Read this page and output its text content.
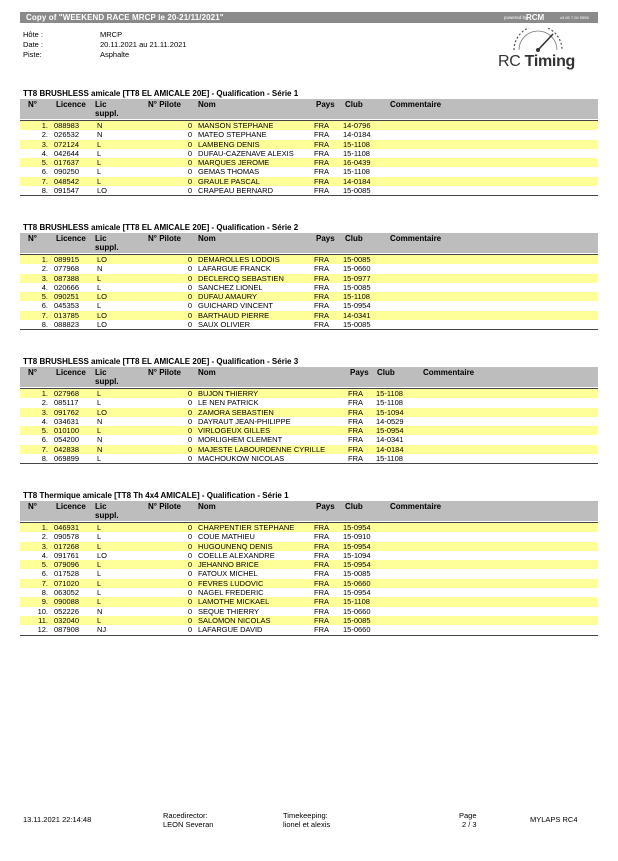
Copy of "WEEKEND RACE MRCP le 20-21/11/2021"	powered by
RCM	v3.63 7.00 5555
Hôte :	MRCP
Date :	20.11.2021 au 21.11.2021
Piste:	Asphalte	RC Timing
TT8 BRUSHLESS amicale [TT8 EL AMICALE 20E] - Qualification - Série 1
N° Licence Lic
suppl.
N° Pilote Nom	Pays Club	Commentaire
1. 088983 N	0 MANSON STEPHANE	FRA 14-0796
2. 026532 N	0 MATEO STEPHANE	FRA 14-0184
3. 072124 L	0 LAMBENG DENIS	FRA 15-1108
4. 042644 L	0 DUFAU-CAZENAVE ALEXIS	FRA 15-1108
5. 017637 L	0 MARQUES JEROME	FRA 16-0439
6. 090250 L	0 GEMAS THOMAS	FRA 15-1108
7. 048542 L	0 GRAULE PASCAL	FRA 14-0184
8. 091547 LO	0 CRAPEAU BERNARD	FRA 15-0085
TT8 BRUSHLESS amicale [TT8 EL AMICALE 20E] - Qualification - Série 2
N° Licence Lic
suppl.
N° Pilote Nom	Pays Club	Commentaire
1. 089915 LO	0 DEMAROLLES LODOIS	FRA 15-0085
2. 077968 N	0 LAFARGUE FRANCK	FRA 15-0660
3. 087388 L	0 DECLERCQ SEBASTIEN	FRA 15-0977
4. 020666 L	0 SANCHEZ LIONEL	FRA 15-0085
5. 090251 LO	0 DUFAU AMAURY	FRA 15-1108
6. 045353 L	0 GUICHARD VINCENT	FRA 15-0954
7. 013785 LO	0 BARTHAUD PIERRE	FRA 14-0341
8. 088823 LO	0 SAUX OLIVIER	FRA 15-0085
TT8 BRUSHLESS amicale [TT8 EL AMICALE 20E] - Qualification - Série 3
N° Licence Lic
suppl.
N° Pilote Nom	Pays Club	Commentaire
1. 027968 L	0 BUJON THIERRY	FRA 15-1108
2. 085117 L	0 LE NEN PATRICK	FRA 15-1108
3. 091762 LO	0 ZAMORA SEBASTIEN	FRA 15-1094
4. 034631 N	0 DAYRAUT JEAN-PHILIPPE	FRA 14-0529
5. 010100 L	0 VIRLOGEUX GILLES	FRA 15-0954
6. 054200 N	0 MORLIGHEM CLEMENT	FRA 14-0341
7. 042838 N	0 MAJESTE LABOURDENNE CYRILLE	FRA 14-0184
8. 069899 L	0 MACHOUKOW NICOLAS	FRA 15-1108
TT8 Thermique amicale [TT8 Th 4x4 AMICALE] - Qualification - Série 1
N° Licence Lic
suppl.
N° Pilote Nom	Pays Club	Commentaire
1. 046931 L	0 CHARPENTIER STEPHANE	FRA 15-0954
2. 090578 L	0 COUE MATHIEU	FRA 15-0910
3. 017268 L	0 HUGOUNENQ DENIS	FRA 15-0954
4. 091761 LO	0 COELLE ALEXANDRE	FRA 15-1094
5. 079096 L	0 JEHANNO BRICE	FRA 15-0954
6. 017528 L	0 FATOUX MICHEL	FRA 15-0085
7. 071020 L	0 FEVRES LUDOVIC	FRA 15-0660
8. 063052 L	0 NAGEL FREDERIC	FRA 15-0954
9. 090088 L	0 LAMOTHE MICKAEL	FRA 15-1108
10. 052226 N	0 SEQUE THIERRY	FRA 15-0660
11. 032040 L	0 SALOMON NICOLAS	FRA 15-0085
12. 087908 NJ	0 LAFARGUE DAVID	FRA 15-0660
13.11.2021 22:14:48	Racedirector:
LEON Severan
Timekeeping:
lionel et alexis
Page
2 / 3
MYLAPS RC4
